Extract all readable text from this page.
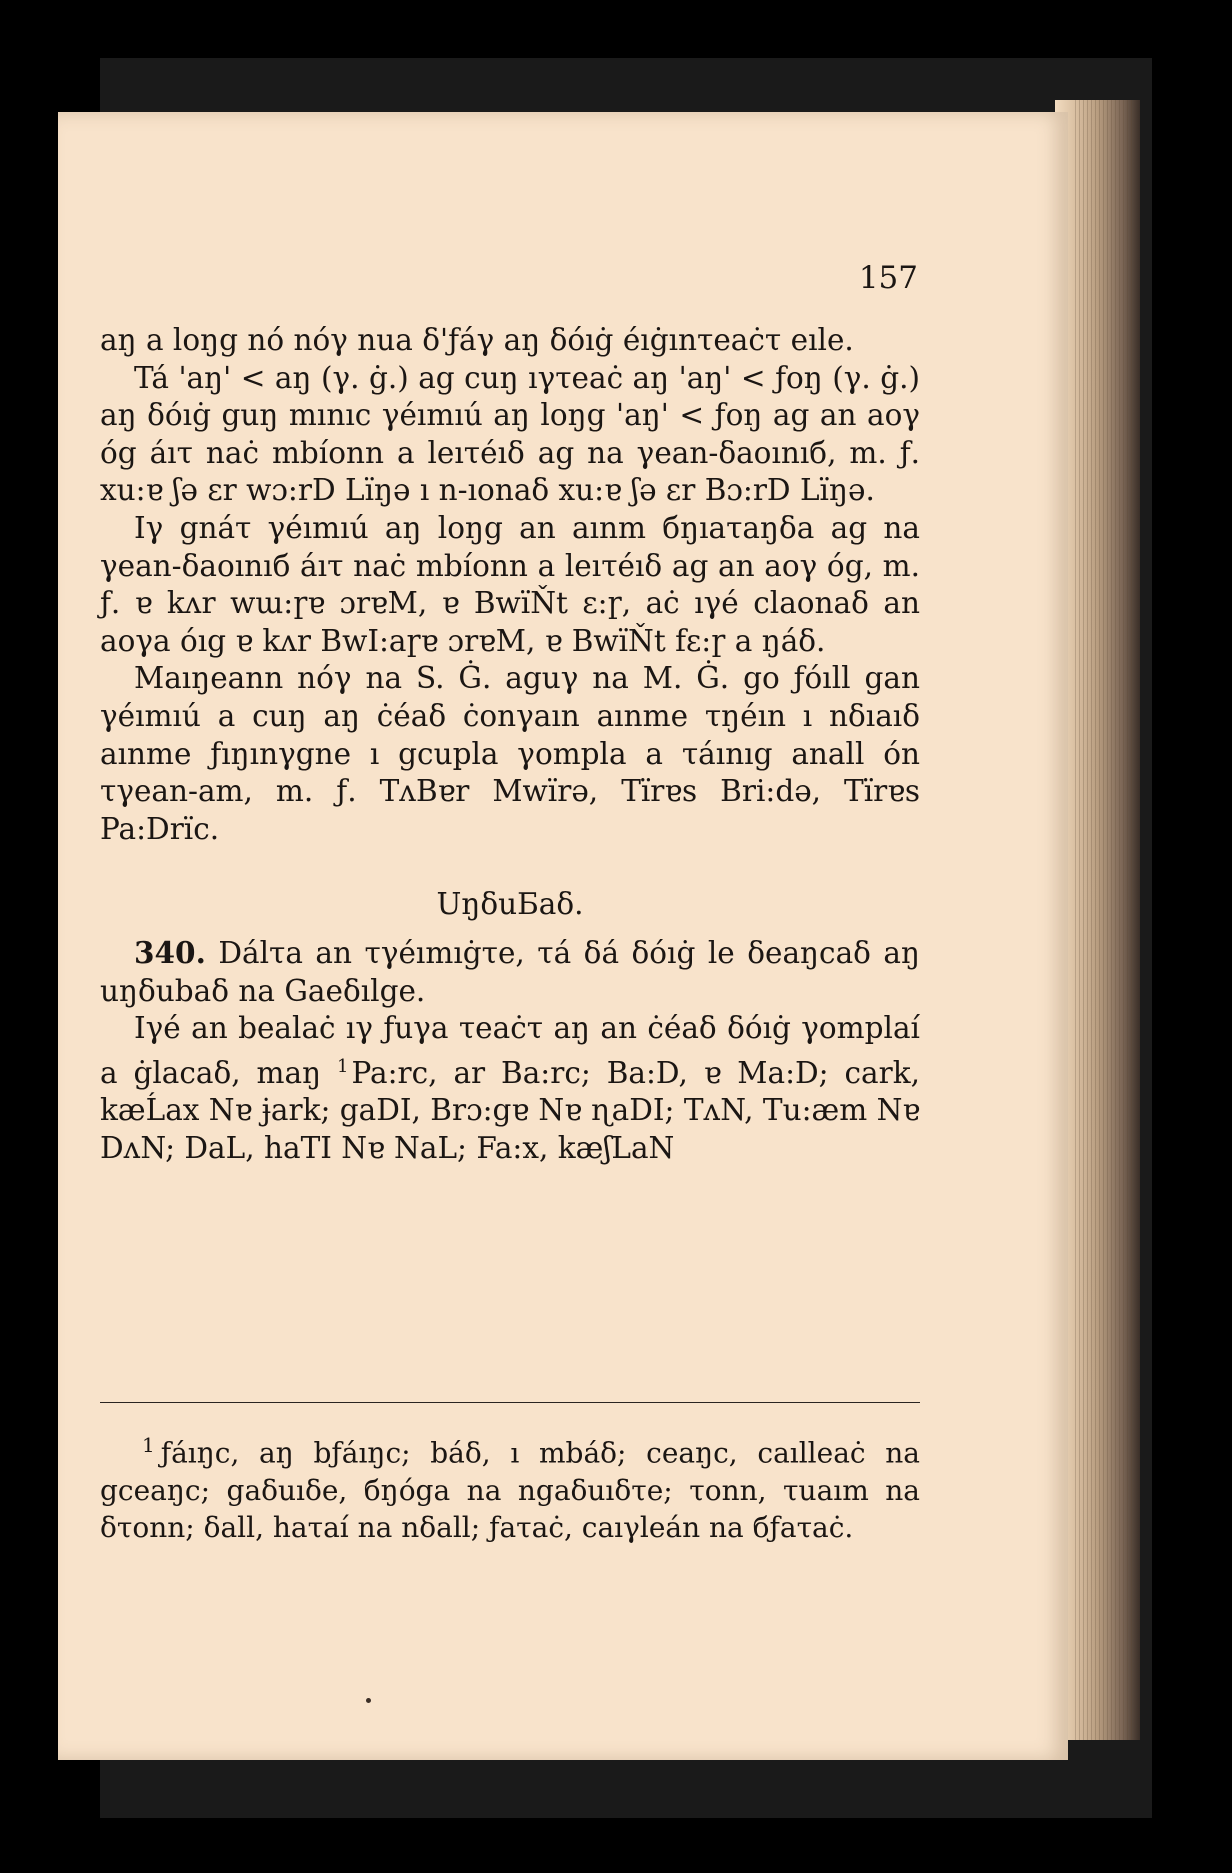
157

aŋ a loŋg nó nóγ nua δ'ƒáγ aŋ δóıġ éıġınτeaċτ eıle.

Tá 'aŋ' < aŋ (γ. ġ.) ag cuŋ ıγτeaċ aŋ 'aŋ' < ƒoŋ (γ. ġ.) aŋ δóıġ guŋ mınıc γéımıú aŋ loŋg 'aŋ' < ƒoŋ ag an aoγ óg áıτ naċ mbíonn a leıτéıδ ag na γean-δaoınıб, m. ƒ. xu:ɐ ʃə ɛr wɔ:rD Lïŋə ı n-ıonaδ xu:ɐ ʃə ɛr Bɔ:rD Lïŋə.

Iγ gnáτ γéımıú aŋ loŋg an aınm бŋıaτaŋδa ag na γean-δaoınıб áıτ naċ mbíonn a leıτéıδ ag an aoγ óg, m. ƒ. ɐ kʌr wɯ:ɼɐ ɔrɐM, ɐ BwïŇt ɛ:ɼ, aċ ıγé claonaδ an aoγa óıg ɐ kʌr BwI:aɼɐ ɔrɐM, ɐ BwïŇt fɛ:ɼ a ŋáδ.

Maıŋeann nóγ na S. Ġ. aguγ na M. Ġ. go ƒóıll gan γéımıú a cuŋ aŋ ċéaδ ċonγaın aınme τŋéın ı nδıaıδ aınme ƒıŋınγgne ı gcupla γompla a τáınıg anall ón τγean-am, m. ƒ. TʌBɐr Mwïrə, Tïrɐs Bri:də, Tïrɐs Pa:Drïc.

UŋδuБaδ.

340. Dálτa an τγéımıġτe, τá δá δóıġ le δeaŋcaδ aŋ uŋδubaδ na Gaeδılge.

Iγé an bealaċ ıγ ƒuγa τeaċτ aŋ an ċéaδ δóıġ γomplaí a ġlacaδ, maŋ $^1$ Pa:rc, ar Ba:rc; Ba:D, ɐ Ma:D; cark, kæĹax Nɐ ɉark; gaDI, Brɔ:gɐ Nɐ ɳaDI; TʌN, Tu:æm Nɐ DʌN; DaL, haTI Nɐ NaL; Fa:x, kæʃLaN

$^1$ ƒáıŋc, aŋ bƒáıŋc; báδ, ı mbáδ; ceaŋc, caılleaċ na gceaŋc; gaδuıδe, бŋóga na ngaδuıδτe; τonn, τuaım na δτonn; δall, haτaí na nδall; ƒaτaċ, caıγleán na бƒaτaċ.
